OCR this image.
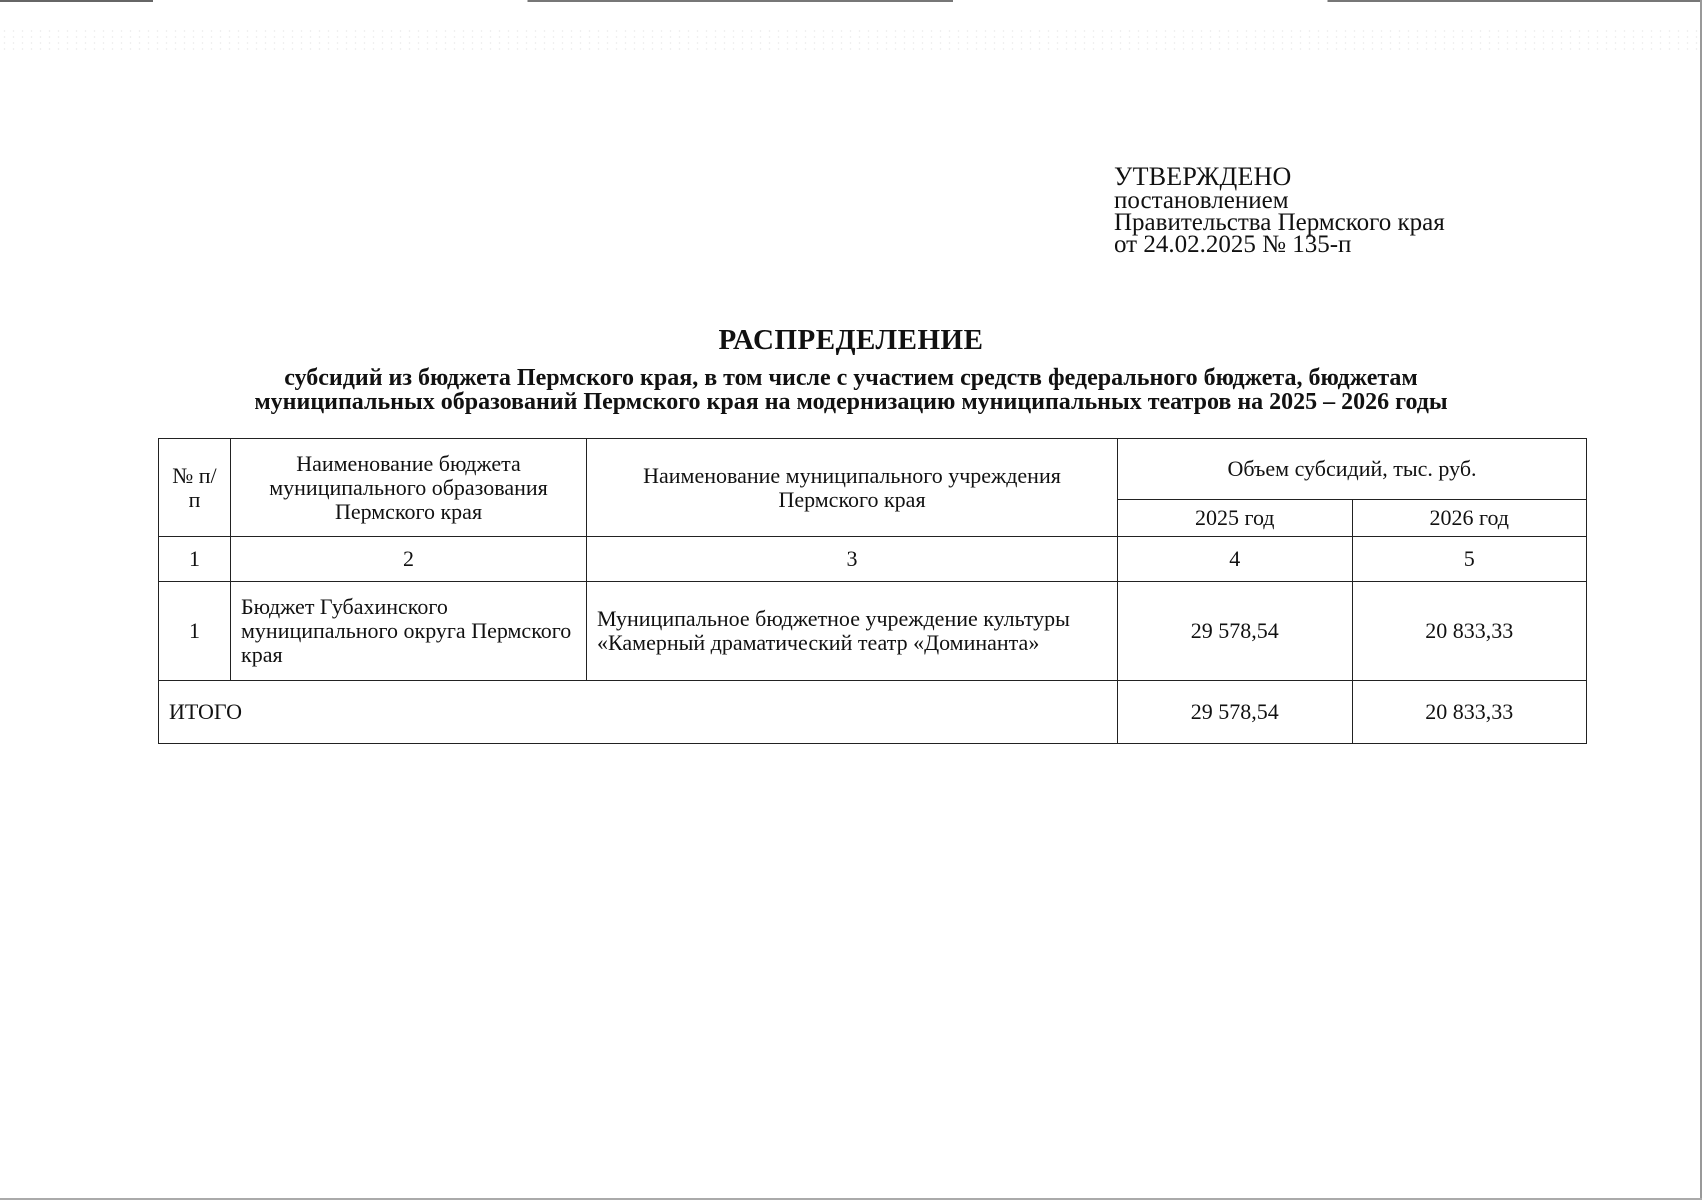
УТВЕРЖДЕНО
постановлением
Правительства Пермского края
от 24.02.2025 № 135-п
РАСПРЕДЕЛЕНИЕ
субсидий из бюджета Пермского края, в том числе с участием средств федерального бюджета, бюджетам
муниципальных образований Пермского края на модернизацию муниципальных театров на 2025 – 2026 годы
№ п/п	Наименование бюджета муниципального образования Пермского края	Наименование муниципального учреждения Пермского края	Объем субсидий, тыс. руб.	
			2025 год	2026 год
1	2	3	4	5
1	Бюджет Губахинского муниципального округа Пермского края	Муниципальное бюджетное учреждение культуры «Камерный драматический театр «Доминанта»	29 578,54	20 833,33
ИТОГО			29 578,54	20 833,33
